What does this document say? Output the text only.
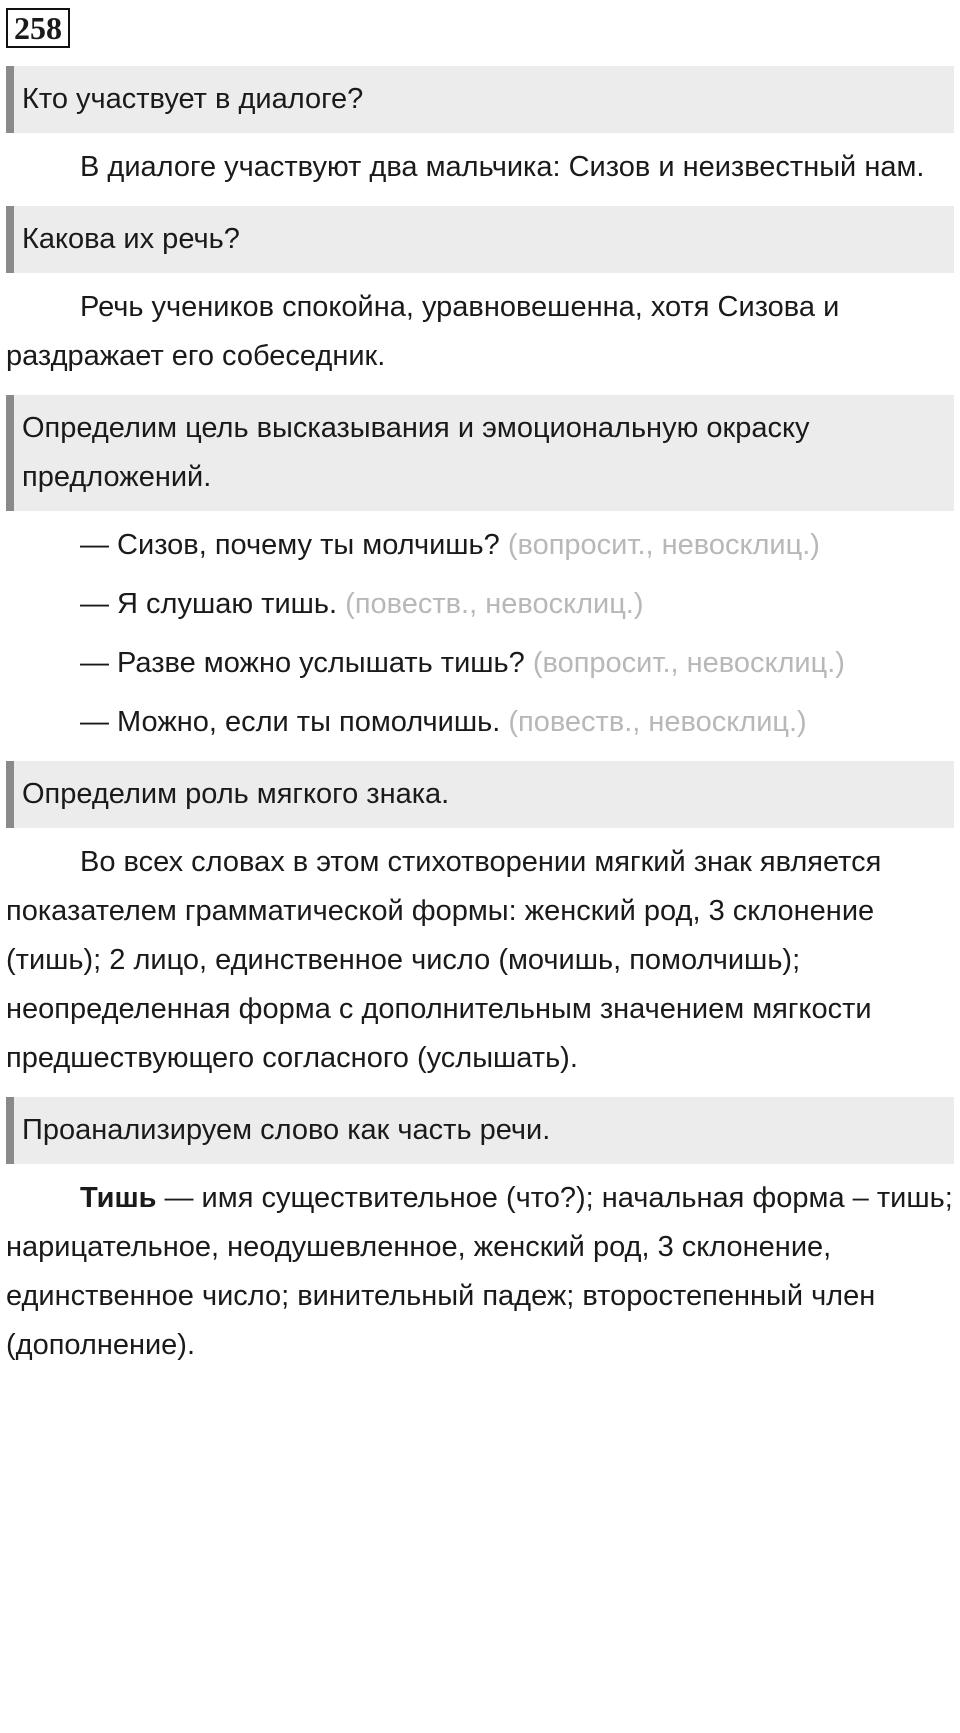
258
Кто участвует в диалоге?

В диалоге участвуют два мальчика: Сизов и неизвестный нам.

Какова их речь?

Речь учеников спокойна, уравновешенна, хотя Сизова и раздражает его собеседник.

Определим цель высказывания и эмоциональную окраску предложений.

— Сизов, почему ты молчишь? (вопросит., невосклиц.)

— Я слушаю тишь. (повеств., невосклиц.)

— Разве можно услышать тишь? (вопросит., невосклиц.)

— Можно, если ты помолчишь. (повеств., невосклиц.)

Определим роль мягкого знака.

Во всех словах в этом стихотворении мягкий знак является показателем грамматической формы: женский род, 3 склонение (тишь); 2 лицо, единственное число (мочишь, помолчишь); неопределенная форма с дополнительным значением мягкости предшествующего согласного (услышать).

Проанализируем слово как часть речи.

Тишь — имя существительное (что?); начальная форма – тишь; нарицательное, неодушевленное, женский род, 3 склонение, единственное число; винительный падеж; второстепенный член (дополнение).
